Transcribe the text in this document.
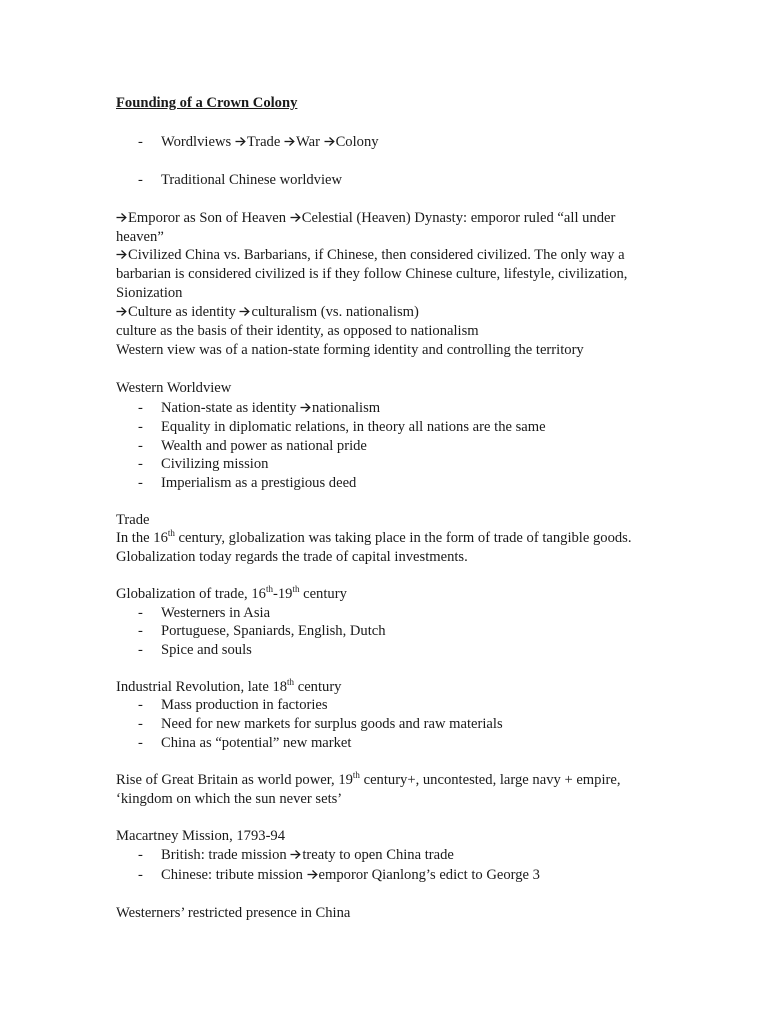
Founding of a Crown Colony
- Wordlviews Trade War Colony
- Traditional Chinese worldview
Emporor as Son of Heaven Celestial (Heaven) Dynasty: emporor ruled “all under
heaven”
Civilized China vs. Barbarians, if Chinese, then considered civilized. The only way a
barbarian is considered civilized is if they follow Chinese culture, lifestyle, civilization,
Sionization
Culture as identity culturalism (vs. nationalism)
culture as the basis of their identity, as opposed to nationalism
Western view was of a nation-state forming identity and controlling the territory
Western Worldview
- Nation-state as identity nationalism
- Equality in diplomatic relations, in theory all nations are the same
- Wealth and power as national pride
- Civilizing mission
- Imperialism as a prestigious deed
Trade
In the 16th century, globalization was taking place in the form of trade of tangible goods.
Globalization today regards the trade of capital investments.
Globalization of trade, 16th-19th century
- Westerners in Asia
- Portuguese, Spaniards, English, Dutch
- Spice and souls
Industrial Revolution, late 18th century
- Mass production in factories
- Need for new markets for surplus goods and raw materials
- China as “potential” new market
Rise of Great Britain as world power, 19th century+, uncontested, large navy + empire,
‘kingdom on which the sun never sets’
Macartney Mission, 1793-94
- British: trade mission treaty to open China trade
- Chinese: tribute mission emporor Qianlong’s edict to George 3
Westerners’ restricted presence in China
